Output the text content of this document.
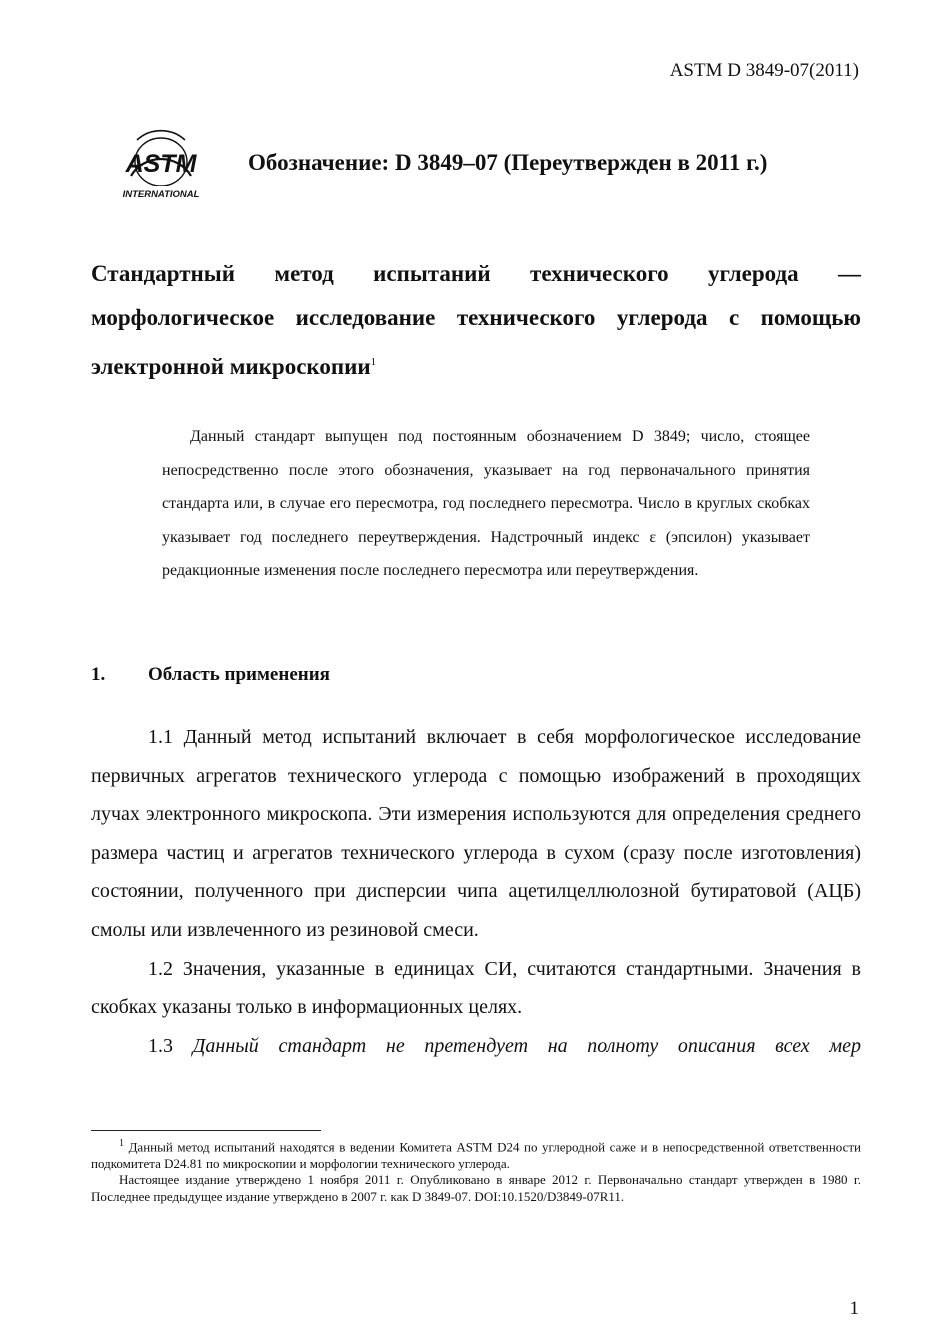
ASTM D 3849-07(2011)
ASTM
INTERNATIONAL
Обозначение: D 3849–07 (Переутвержден в 2011 г.)
Стандартный метод испытаний технического углерода — морфологическое исследование технического углерода с помощью электронной микроскопии$^1$
Данный стандарт выпущен под постоянным обозначением D 3849; число, стоящее непосредственно после этого обозначения, указывает на год первоначального принятия стандарта или, в случае его пересмотра, год последнего пересмотра. Число в круглых скобках указывает год последнего переутверждения. Надстрочный индекс ε (эпсилон) указывает редакционные изменения после последнего пересмотра или переутверждения.
1. Область применения

1.1 Данный метод испытаний включает в себя морфологическое исследование первичных агрегатов технического углерода с помощью изображений в проходящих лучах электронного микроскопа. Эти измерения используются для определения среднего размера частиц и агрегатов технического углерода в сухом (сразу после изготовления) состоянии, полученного при дисперсии чипа ацетилцеллюлозной бутиратовой (АЦБ) смолы или извлеченного из резиновой смеси.

1.2 Значения, указанные в единицах СИ, считаются стандартными. Значения в скобках указаны только в информационных целях.

1.3 Данный стандарт не претендует на полноту описания всех мер

$^1$ Данный метод испытаний находятся в ведении Комитета ASTM D24 по углеродной саже и в непосредственной ответственности подкомитета D24.81 по микроскопии и морфологии технического углерода.

Настоящее издание утверждено 1 ноября 2011 г. Опубликовано в январе 2012 г. Первоначально стандарт утвержден в 1980 г. Последнее предыдущее издание утверждено в 2007 г. как D 3849-07. DOI:10.1520/D3849-07R11.

1
